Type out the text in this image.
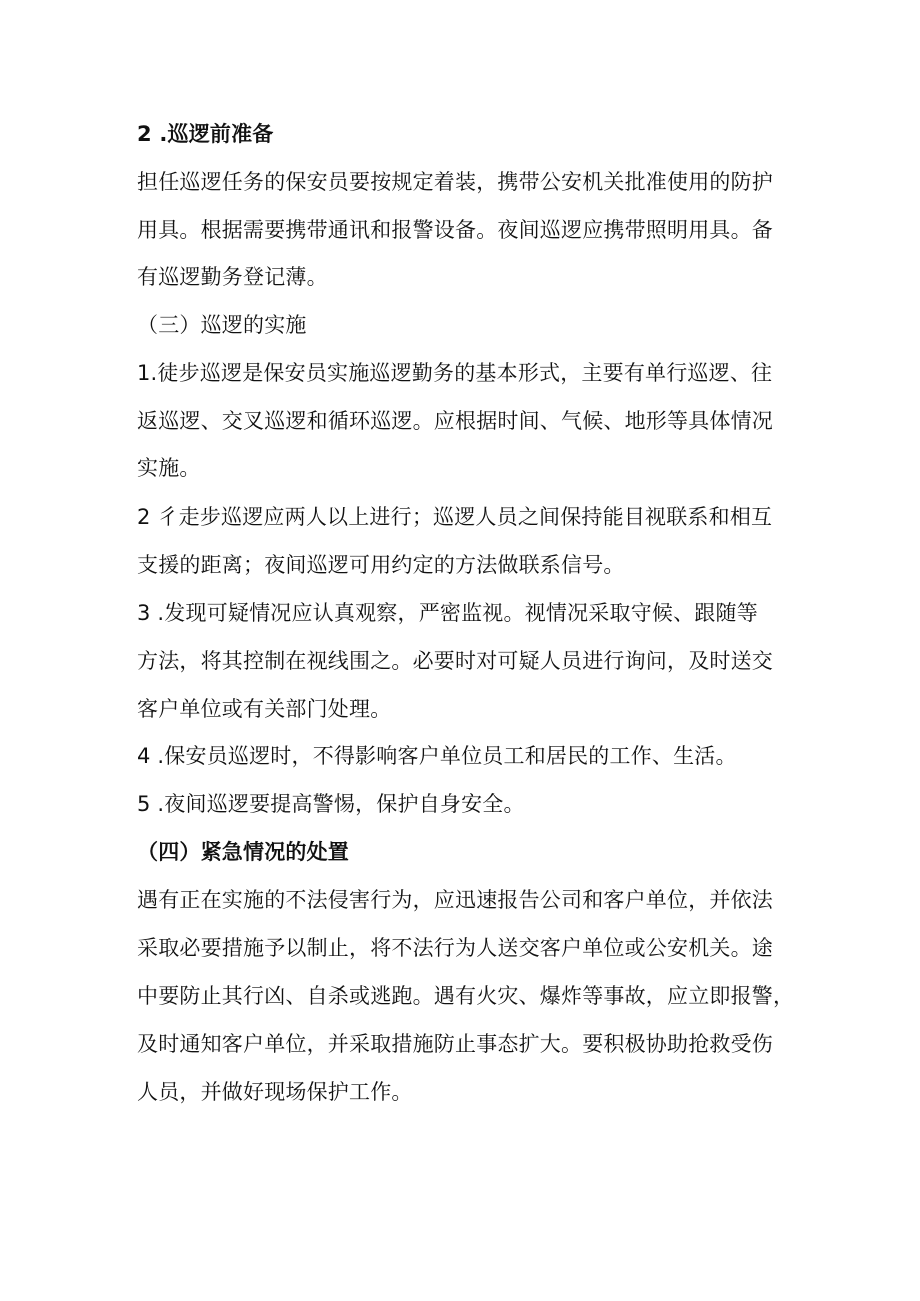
2 .巡逻前准备

担任巡逻任务的保安员要按规定着装，携带公安机关批准使用的防护

用具。根据需要携带通讯和报警设备。夜间巡逻应携带照明用具。备

有巡逻勤务登记薄。

（三）巡逻的实施

1.徒步巡逻是保安员实施巡逻勤务的基本形式，主要有单行巡逻、往

返巡逻、交叉巡逻和循环巡逻。应根据时间、气候、地形等具体情况

实施。

2 彳走步巡逻应两人以上进行；巡逻人员之间保持能目视联系和相互

支援的距离；夜间巡逻可用约定的方法做联系信号。

3 .发现可疑情况应认真观察，严密监视。视情况采取守候、跟随等

方法，将其控制在视线围之。必要时对可疑人员进行询问，及时送交

客户单位或有关部门处理。

4 .保安员巡逻时，不得影响客户单位员工和居民的工作、生活。

5 .夜间巡逻要提高警惕，保护自身安全。

（四）紧急情况的处置

遇有正在实施的不法侵害行为，应迅速报告公司和客户单位，并依法

采取必要措施予以制止，将不法行为人送交客户单位或公安机关。途

中要防止其行凶、自杀或逃跑。遇有火灾、爆炸等事故，应立即报警，

及时通知客户单位，并采取措施防止事态扩大。要积极协助抢救受伤

人员，并做好现场保护工作。
